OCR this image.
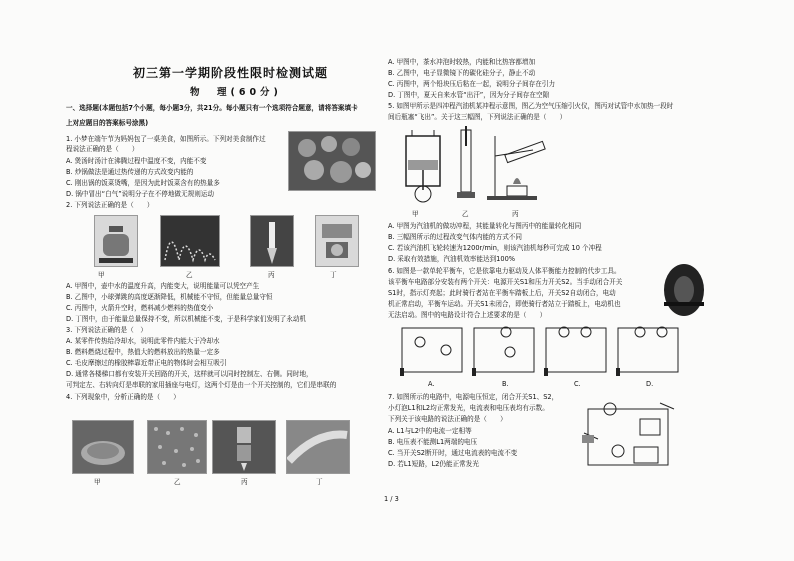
初三第一学期阶段性限时检测试题
物　理(60分)
一、选择题(本题包括7个小题，每小题3分，共21分。每小题只有一个选项符合题意，请将答案填卡
上对应题目的答案标号涂黑)
1. 小梦在端午节为妈妈包了一桌美食，如图所示。下列对美食制作过
程说法正确的是（　　）
A. 煲汤时汤汁在沸腾过程中温度不变，内能不变
B. 炒锅做法是通过热传递的方式改变内能的
C. 刚出锅的饭菜烫嘴，是因为此时饭菜含有的热量多
D. 锅中冒出“白气”说明分子在不停地做无规则运动
2. 下列说法正确的是（　　）
甲	乙	丙	丁
A. 甲图中，壶中水的温度升高，内能变大，说明能量可以凭空产生
B. 乙图中，小球弹跳的高度逐渐降低，机械能不守恒，但能量总量守恒
C. 丙图中，火箭升空时，燃料减少燃料的热值变小
D. 丁图中，由于能量总量保持不变，所以机械能不变，于是科学家们发明了永动机
3. 下列说法正确的是（　）
A. 某零件传热给冷却水，说明此零件内能大于冷却水
B. 燃料燃烧过程中，热值大的燃料放出的热量一定多
C. 毛皮摩擦过的橡胶棒靠近带正电的物体时会相互吸引
D. 通常各楼梯口都有安装开关回路的开关，这样就可以同时控制左、右侧。同时地，
可判定左、右转向灯是串联的家用插座与电灯，这两个灯是由一个开关控制的，它们是串联的
4. 下列现象中，分析正确的是（　　）
甲	乙	丙	丁
A. 甲图中，茶水冲泡时较热，内能和比热容都增加
B. 乙图中，电子显微镜下的碳化硅分子，静止不动
C. 丙图中，两个铅块压后粘在一起，说明分子间存在引力
D. 丁图中，夏天自来水管“出汗”，因为分子间存在空隙
5. 如图甲所示是四冲程汽油机某冲程示意图，图乙为空气压缩引火仪，图丙对试管中水加热一段时
间后瓶塞“飞出”。关于这三幅图，下列说法正确的是（　　）
甲	乙	丙
A. 甲图为汽油机的做功冲程，其能量转化与图丙中的能量转化相同
B. 三幅图所示的过程改变气体内能的方式不同
C. 若该汽油机飞轮转速为1200r/min，则该汽油机每秒可完成 10 个冲程
D. 采取有效措施，汽油机效率能达到100%
6. 如图是一款单轮平衡车，它是依靠电力驱动及人体平衡能力控制的代步工具。
该平衡车电路部分安装有两个开关：电源开关S1和压力开关S2。当手动闭合开关
S1时，指示灯亮起；此时骑行者站在平衡车踏板上后，开关S2自动闭合，电动
机正常启动，平衡车运动。开关S1未闭合，即使骑行者站立于踏板上，电动机也
无法启动。图中的电路设计符合上述要求的是（　　）
A.	B.	C.	D.
7. 如图所示的电路中，电源电压恒定，闭合开关S1、S2，
小灯泡L1和L2均正常发光，电流表和电压表均有示数。
下列关于该电路的说法正确的是（　　）
A. L1与L2中的电流一定相等
B. 电压表不能测L1两端的电压
C. 当开关S2断开时，通过电流表的电流不变
D. 若L1短路，L2仍能正常发光
1 / 3
